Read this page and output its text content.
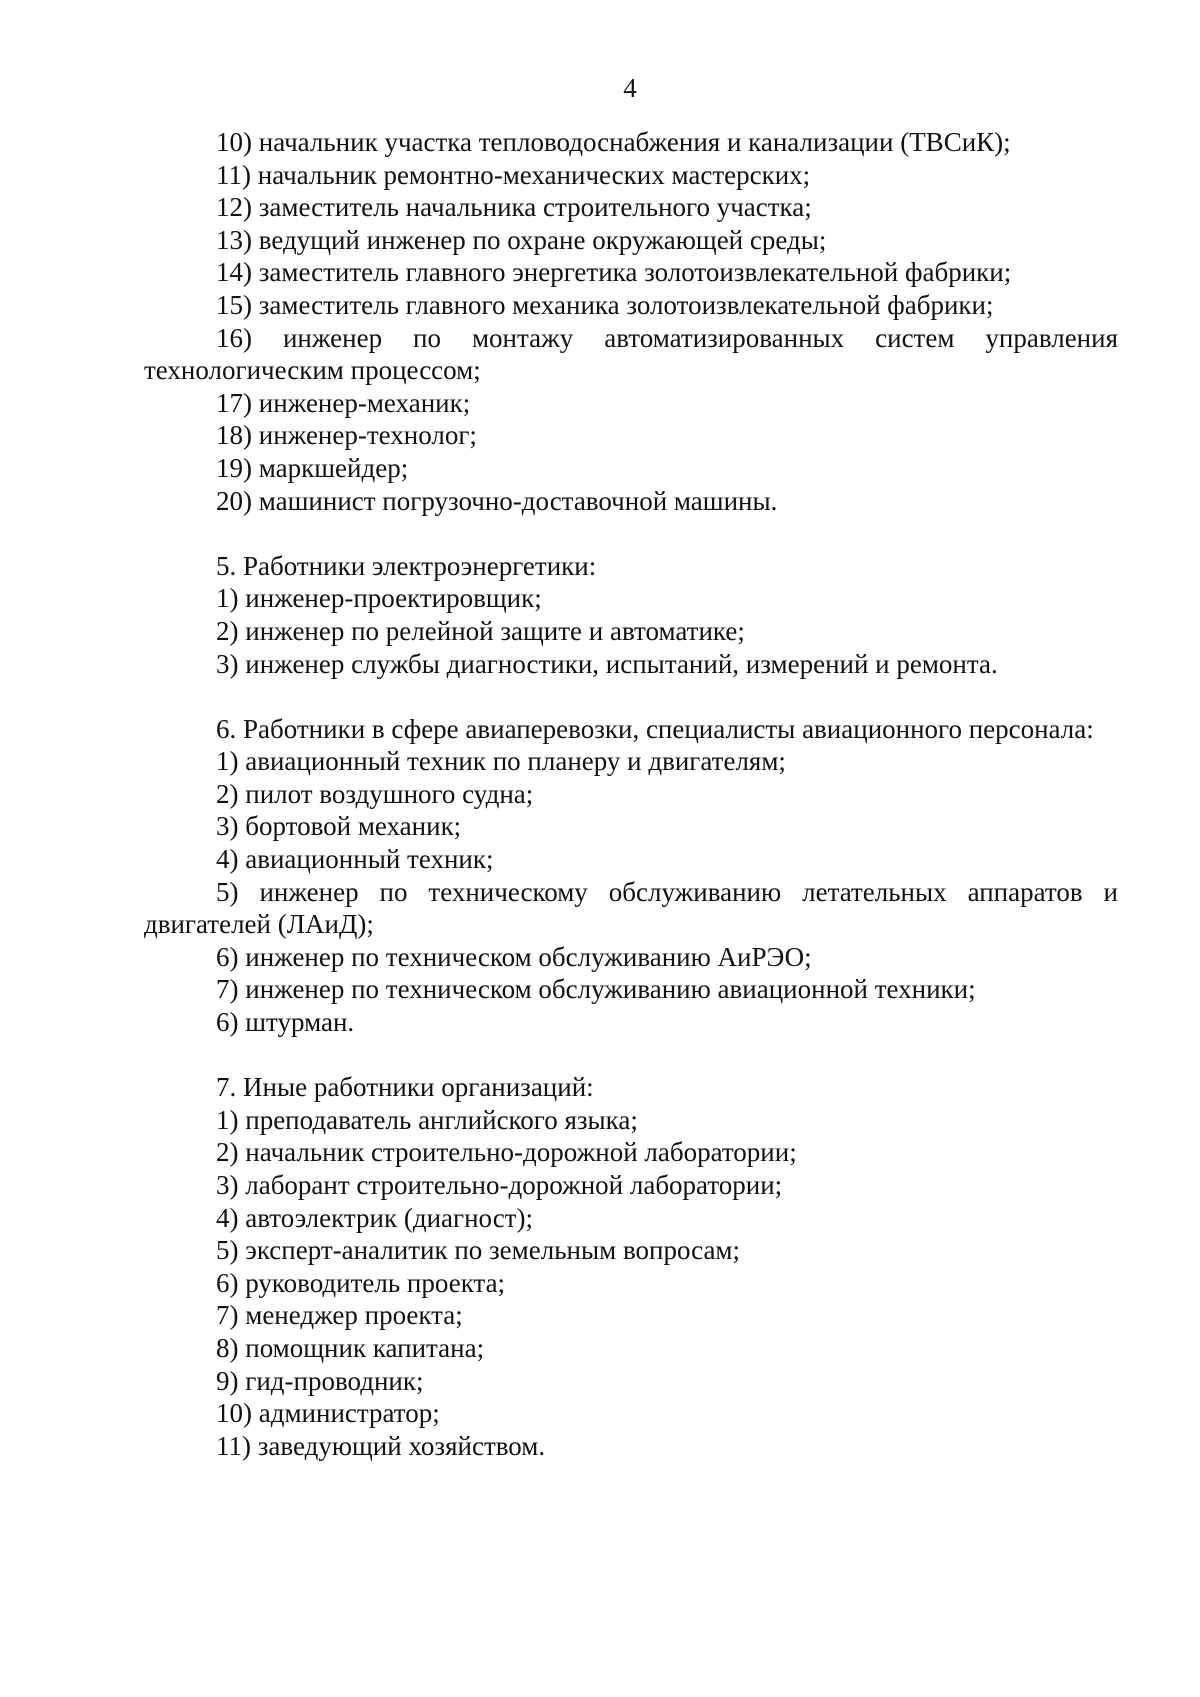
4
10) начальник участка тепловодоснабжения и канализации (ТВСиК);
11) начальник ремонтно-механических мастерских;
12) заместитель начальника строительного участка;
13) ведущий инженер по охране окружающей среды;
14) заместитель главного энергетика золотоизвлекательной фабрики;
15) заместитель главного механика золотоизвлекательной фабрики;
16) инженер по монтажу автоматизированных систем управления технологическим процессом;
17) инженер-механик;
18) инженер-технолог;
19) маркшейдер;
20) машинист погрузочно-доставочной машины.
5. Работники электроэнергетики:
1) инженер-проектировщик;
2) инженер по релейной защите и автоматике;
3) инженер службы диагностики, испытаний, измерений и ремонта.
6. Работники в сфере авиаперевозки, специалисты авиационного персонала:
1) авиационный техник по планеру и двигателям;
2) пилот воздушного судна;
3) бортовой механик;
4) авиационный техник;
5) инженер по техническому обслуживанию летательных аппаратов и двигателей (ЛАиД);
6) инженер по техническом обслуживанию АиРЭО;
7) инженер по техническом обслуживанию авиационной техники;
6) штурман.
7. Иные работники организаций:
1) преподаватель английского языка;
2) начальник строительно-дорожной лаборатории;
3) лаборант строительно-дорожной лаборатории;
4) автоэлектрик (диагност);
5) эксперт-аналитик по земельным вопросам;
6) руководитель проекта;
7) менеджер проекта;
8) помощник капитана;
9) гид-проводник;
10) администратор;
11) заведующий хозяйством.
